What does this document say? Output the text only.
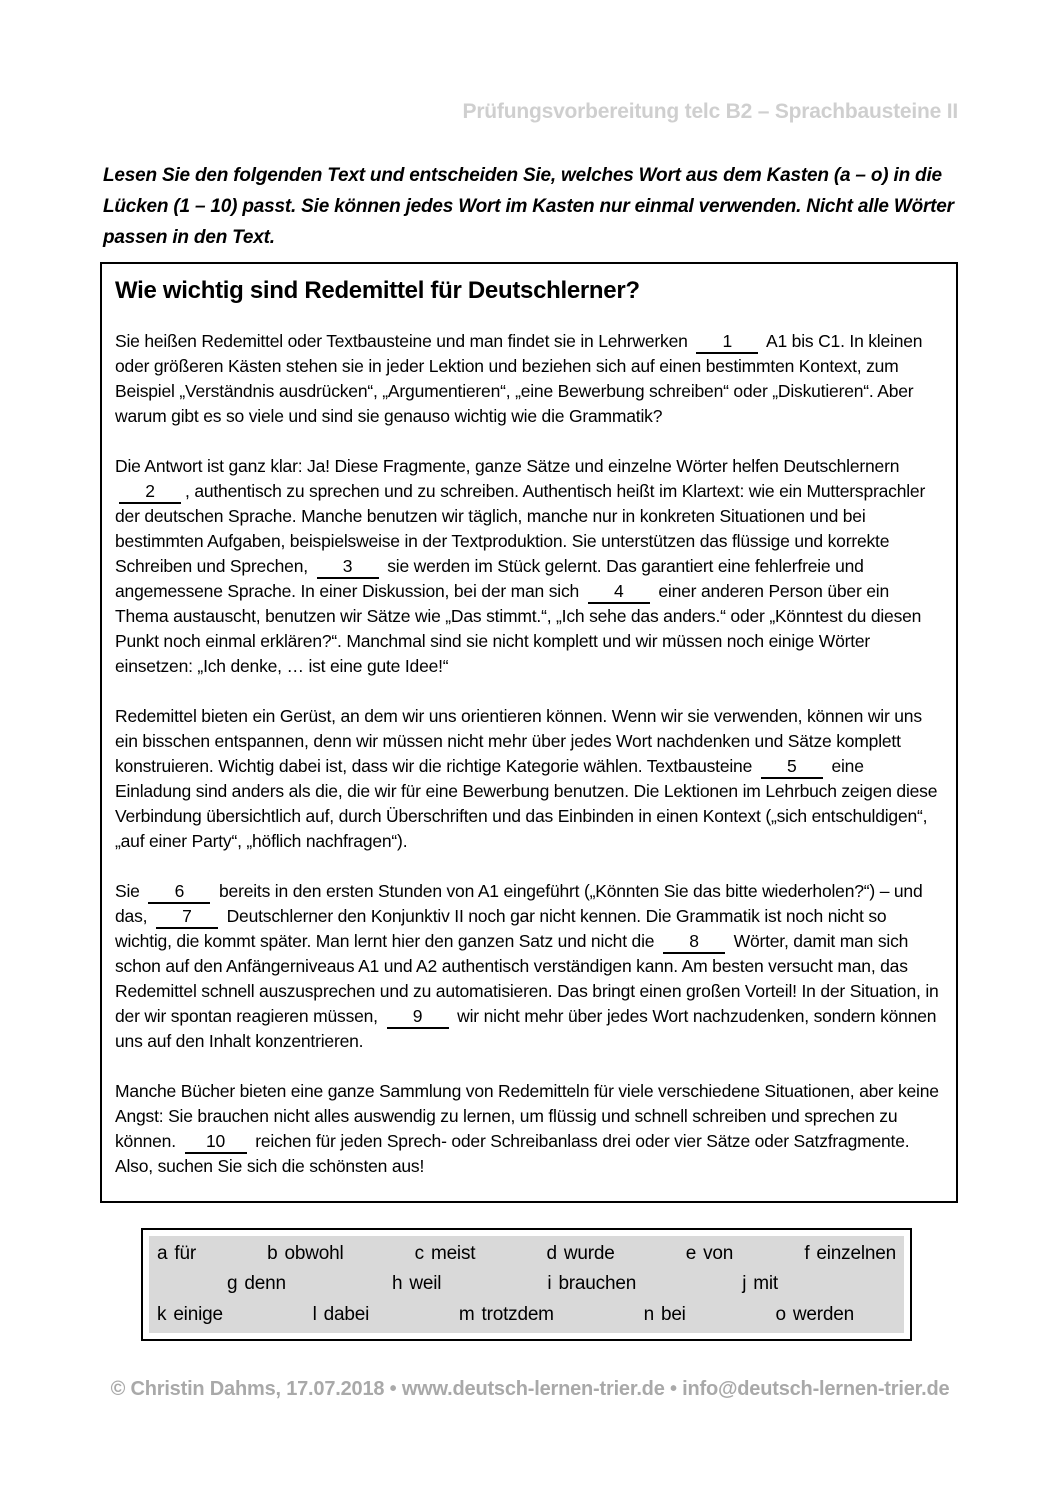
Prüfungsvorbereitung telc B2 – Sprachbausteine II
Lesen Sie den folgenden Text und entscheiden Sie, welches Wort aus dem Kasten (a – o) in die Lücken (1 – 10) passt. Sie können jedes Wort im Kasten nur einmal verwenden. Nicht alle Wörter passen in den Text.
Wie wichtig sind Redemittel für Deutschlerner?

Sie heißen Redemittel oder Textbausteine und man findet sie in Lehrwerken 1 A1 bis C1. In kleinen oder größeren Kästen stehen sie in jeder Lektion und beziehen sich auf einen bestimmten Kontext, zum Beispiel „Verständnis ausdrücken“, „Argumentieren“, „eine Bewerbung schreiben“ oder „Diskutieren“. Aber warum gibt es so viele und sind sie genauso wichtig wie die Grammatik?

Die Antwort ist ganz klar: Ja! Diese Fragmente, ganze Sätze und einzelne Wörter helfen Deutschlernern 2 , authentisch zu sprechen und zu schreiben. Authentisch heißt im Klartext: wie ein Muttersprachler der deutschen Sprache. Manche benutzen wir täglich, manche nur in konkreten Situationen und bei bestimmten Aufgaben, beispielsweise in der Textproduktion. Sie unterstützen das flüssige und korrekte Schreiben und Sprechen, 3 sie werden im Stück gelernt. Das garantiert eine fehlerfreie und angemessene Sprache. In einer Diskussion, bei der man sich 4 einer anderen Person über ein Thema austauscht, benutzen wir Sätze wie „Das stimmt.“, „Ich sehe das anders.“ oder „Könntest du diesen Punkt noch einmal erklären?“. Manchmal sind sie nicht komplett und wir müssen noch einige Wörter einsetzen: „Ich denke, … ist eine gute Idee!“

Redemittel bieten ein Gerüst, an dem wir uns orientieren können. Wenn wir sie verwenden, können wir uns ein bisschen entspannen, denn wir müssen nicht mehr über jedes Wort nachdenken und Sätze komplett konstruieren. Wichtig dabei ist, dass wir die richtige Kategorie wählen. Textbausteine 5 eine Einladung sind anders als die, die wir für eine Bewerbung benutzen. Die Lektionen im Lehrbuch zeigen diese Verbindung übersichtlich auf, durch Überschriften und das Einbinden in einen Kontext („sich entschuldigen“, „auf einer Party“, „höflich nachfragen“).

Sie 6 bereits in den ersten Stunden von A1 eingeführt („Könnten Sie das bitte wiederholen?“) – und das, 7 Deutschlerner den Konjunktiv II noch gar nicht kennen. Die Grammatik ist noch nicht so wichtig, die kommt später. Man lernt hier den ganzen Satz und nicht die 8 Wörter, damit man sich schon auf den Anfängerniveaus A1 und A2 authentisch verständigen kann. Am besten versucht man, das Redemittel schnell auszusprechen und zu automatisieren. Das bringt einen großen Vorteil! In der Situation, in der wir spontan reagieren müssen, 9 wir nicht mehr über jedes Wort nachzudenken, sondern können uns auf den Inhalt konzentrieren.

Manche Bücher bieten eine ganze Sammlung von Redemitteln für viele verschiedene Situationen, aber keine Angst: Sie brauchen nicht alles auswendig zu lernen, um flüssig und schnell schreiben und sprechen zu können. 10 reichen für jeden Sprech- oder Schreibanlass drei oder vier Sätze oder Satzfragmente. Also, suchen Sie sich die schönsten aus!

a für	b obwohl	c meist	d wurde	e von	f einzelnen
g denn	h weil	i brauchen	j mit
k einige	l dabei	m trotzdem	n bei	o werden
© Christin Dahms, 17.07.2018 • www.deutsch-lernen-trier.de • info@deutsch-lernen-trier.de
